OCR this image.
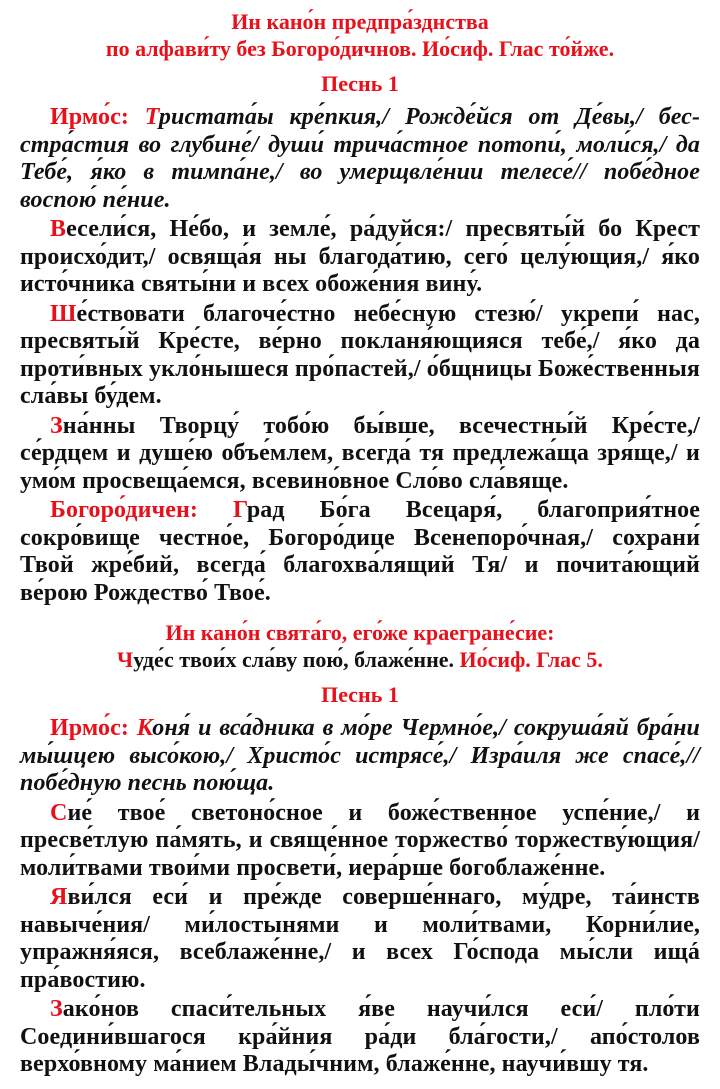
Ин кано́н предпра́зднства

по алфави́ту без Богоро́дичнов. Ио́сиф. Глас то́йже.

Песнь 1

Ирмо́с: Тристата́ы кре́пкия,/ Рожде́йся от Де́вы,/ бесстра́стия во глубине́/ души́ трича́стное потопи́, моли́ся,/ да Тебе́, я́ко в тимпа́не,/ во умерщвле́нии телесе́// побе́дное воспою́ пе́ние.

Весели́ся, Не́бо, и земле́, ра́дуйся:/ пресвяты́й бо Крест происхо́дит,/ освяща́я ны благода́тию, сего́ целу́ющия,/ я́ко исто́чника святы́ни и всех обоже́ния вину́.

Ше́ствовати благоче́стно небе́сную стезю́/ укрепи́ нас, пресвяты́й Кре́сте, ве́рно покланя́ющияся тебе́,/ я́ко да проти́вных укло́нышеся про́пастей,/ о́бщницы Боже́ственныя сла́вы бу́дем.

Зна́нны Творцу́ тобо́ю бы́вше, всечестны́й Кре́сте,/ се́рдцем и душе́ю объе́млем, всегда́ тя предлежа́ща зря́ще,/ и умо́м просвеща́емся, всевино́вное Сло́во сла́вяще.

Богоро́дичен: Град Бо́га Всецаря́, благоприя́тное сокро́вище честно́е, Богоро́дице Всенепоро́чная,/ сохрани́ Твой жре́бий, всегда́ благохва́лящий Тя/ и почита́ющий ве́рою Рождество́ Твое́.

Ин кано́н свята́го, его́же краегране́сие:

Чуде́с твои́х сла́ву пою́, блаже́нне. Ио́сиф. Глас 5.

Песнь 1

Ирмо́с: Коня́ и вса́дника в мо́ре Чермно́е,/ сокруша́яй бра́ни мы́шцею высо́кою,/ Христо́с истрясе́,/ Изра́иля же спасе́,// побе́дную песнь пою́ща.

Сие́ твое́ светоно́сное и боже́ственное успе́ние,/ и пресве́тлую па́мять, и свяще́нное торжество́ торжеству́ющия/ моли́твами твои́ми просвети́, иера́рше богоблаже́нне.

Яви́лся еси́ и пре́жде соверше́ннаго, му́дре, та́инств навыче́ния/ ми́лостынями и моли́твами, Корни́лие, упражня́яся, всеблаже́нне,/ и всех Го́спода мы́сли ищá пра́востию.

Зако́нов спаси́тельных я́ве научи́лся еси́/ пло́ти Соедини́вшагося кра́йния ра́ди бла́гости,/ апо́столов верхо́вному ма́нием Влады́чним, блаже́нне, научи́вшу тя.
